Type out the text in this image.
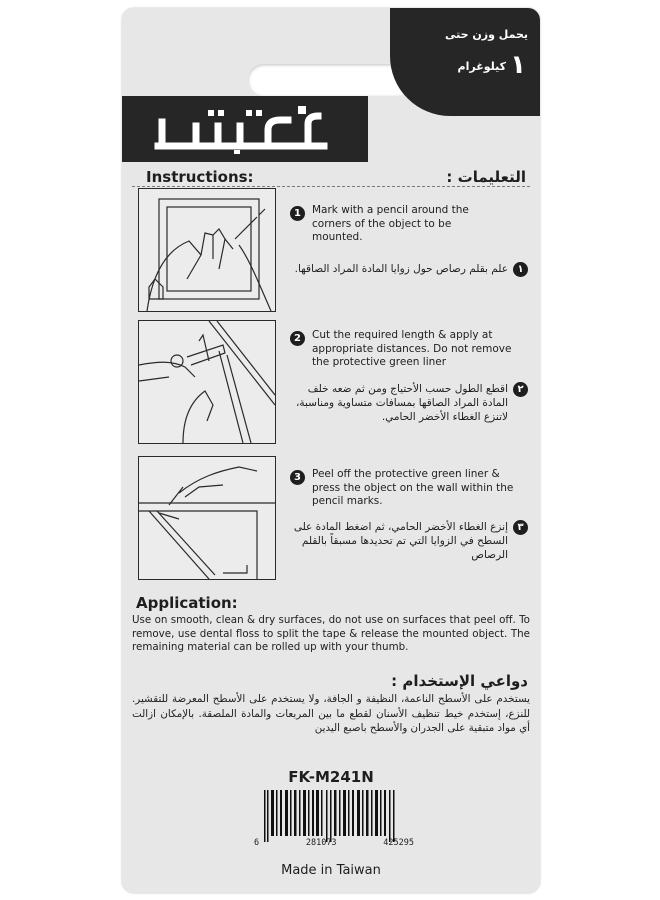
يحمل وزن حتى
١
كيلوغرام
Instructions:	التعليمات :
1	Mark with a pencil around the corners of the object to be mounted.
١
علم بقلم رصاص حول زوايا المادة المراد الصاقها.
2	Cut the required length & apply at appropriate distances. Do not remove the protective green liner
٢
اقطع الطول حسب الأحتياج ومن ثم ضعه خلف المادة المراد الصاقها بمسافات متساوية ومناسبة، لاتنزع الغطاء الأخضر الحامي.
3	Peel off the protective green liner & press the object on the wall within the pencil marks.
٣
إنزع الغطاء الأخضر الحامي، ثم اضغط المادة على السطح في الزوايا التي تم تحديدها مسبقاً بالقلم الرصاص
Application:
Use on smooth, clean & dry surfaces, do not use on surfaces that peel off. To remove, use dental floss to split the tape & release the mounted object. The remaining material can be rolled up with your thumb.
دواعي الإستخدام :
يستخدم على الأسطح الناعمة، النظيفة و الجافة، ولا يستخدم على الأسطح المعرضة للتقشير. للنزع، إستخدم خيط تنظيف الأسنان لقطع ما بين المربعات والمادة الملصقة. بالإمكان ازالت أي مواد متبقية على الجدران والأسطح باصبع اليدين
FK-M241N
6	281073	425295
Made in Taiwan
